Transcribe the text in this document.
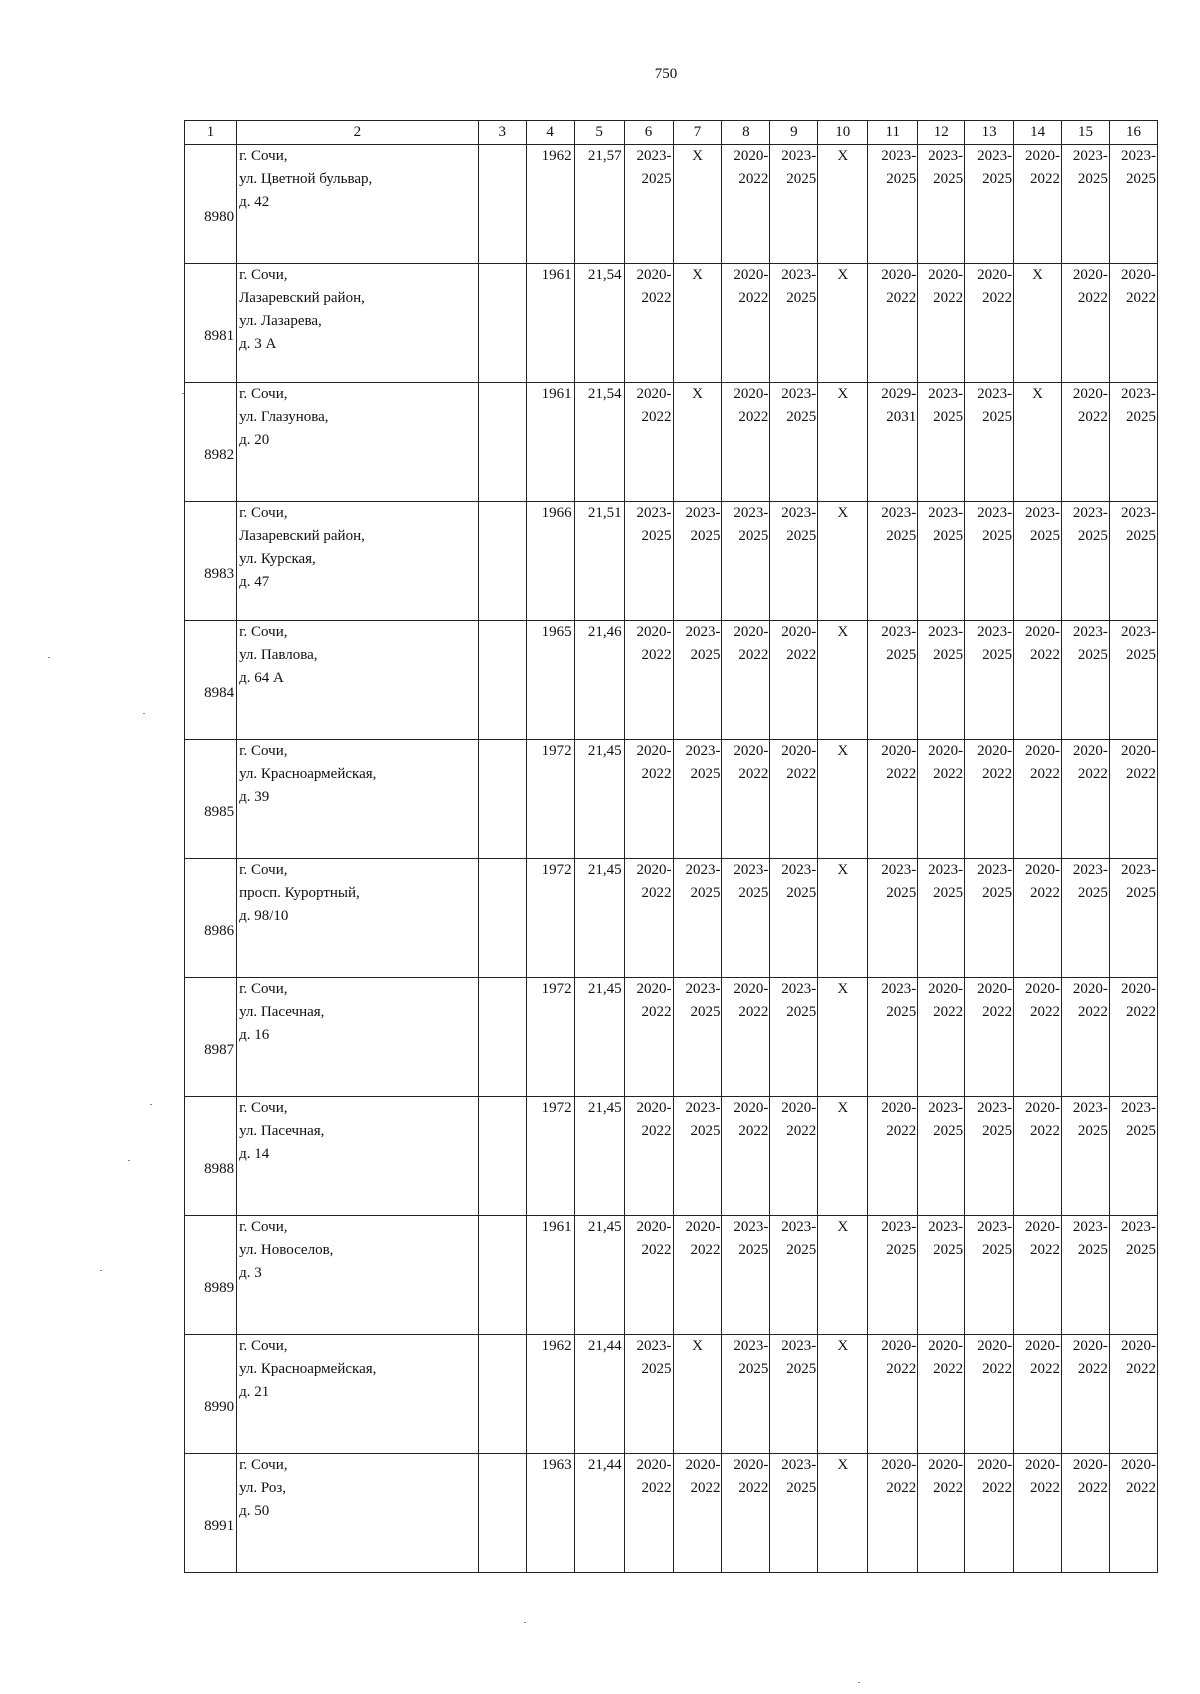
750
1	2	3	4	5	6	7	8	9	10	11	12	13	14	15	16
8980	г. Сочи,
ул. Цветной бульвар,
д. 42		1962	21,57	2023-
2025	X	2020-
2022	2023-
2025	X	2023-
2025	2023-
2025	2023-
2025	2020-
2022	2023-
2025	2023-
2025

8981	г. Сочи,
Лазаревский район,
ул. Лазарева,
д. 3 А		1961	21,54	2020-
2022	X	2020-
2022	2023-
2025	X	2020-
2022	2020-
2022	2020-
2022	X	2020-
2022	2020-
2022

8982	г. Сочи,
ул. Глазунова,
д. 20		1961	21,54	2020-
2022	X	2020-
2022	2023-
2025	X	2029-
2031	2023-
2025	2023-
2025	X	2020-
2022	2023-
2025

8983	г. Сочи,
Лазаревский район,
ул. Курская,
д. 47		1966	21,51	2023-
2025	2023-
2025	2023-
2025	2023-
2025	X	2023-
2025	2023-
2025	2023-
2025	2023-
2025	2023-
2025	2023-
2025

8984	г. Сочи,
ул. Павлова,
д. 64 А		1965	21,46	2020-
2022	2023-
2025	2020-
2022	2020-
2022	X	2023-
2025	2023-
2025	2023-
2025	2020-
2022	2023-
2025	2023-
2025

8985	г. Сочи,
ул. Красноармейская,
д. 39		1972	21,45	2020-
2022	2023-
2025	2020-
2022	2020-
2022	X	2020-
2022	2020-
2022	2020-
2022	2020-
2022	2020-
2022	2020-
2022

8986	г. Сочи,
просп. Курортный,
д. 98/10		1972	21,45	2020-
2022	2023-
2025	2023-
2025	2023-
2025	X	2023-
2025	2023-
2025	2023-
2025	2020-
2022	2023-
2025	2023-
2025

8987	г. Сочи,
ул. Пасечная,
д. 16		1972	21,45	2020-
2022	2023-
2025	2020-
2022	2023-
2025	X	2023-
2025	2020-
2022	2020-
2022	2020-
2022	2020-
2022	2020-
2022

8988	г. Сочи,
ул. Пасечная,
д. 14		1972	21,45	2020-
2022	2023-
2025	2020-
2022	2020-
2022	X	2020-
2022	2023-
2025	2023-
2025	2020-
2022	2023-
2025	2023-
2025

8989	г. Сочи,
ул. Новоселов,
д. 3		1961	21,45	2020-
2022	2020-
2022	2023-
2025	2023-
2025	X	2023-
2025	2023-
2025	2023-
2025	2020-
2022	2023-
2025	2023-
2025

8990	г. Сочи,
ул. Красноармейская,
д. 21		1962	21,44	2023-
2025	X	2023-
2025	2023-
2025	X	2020-
2022	2020-
2022	2020-
2022	2020-
2022	2020-
2022	2020-
2022

8991	г. Сочи,
ул. Роз,
д. 50		1963	21,44	2020-
2022	2020-
2022	2020-
2022	2023-
2025	X	2020-
2022	2020-
2022	2020-
2022	2020-
2022	2020-
2022	2020-
2022
